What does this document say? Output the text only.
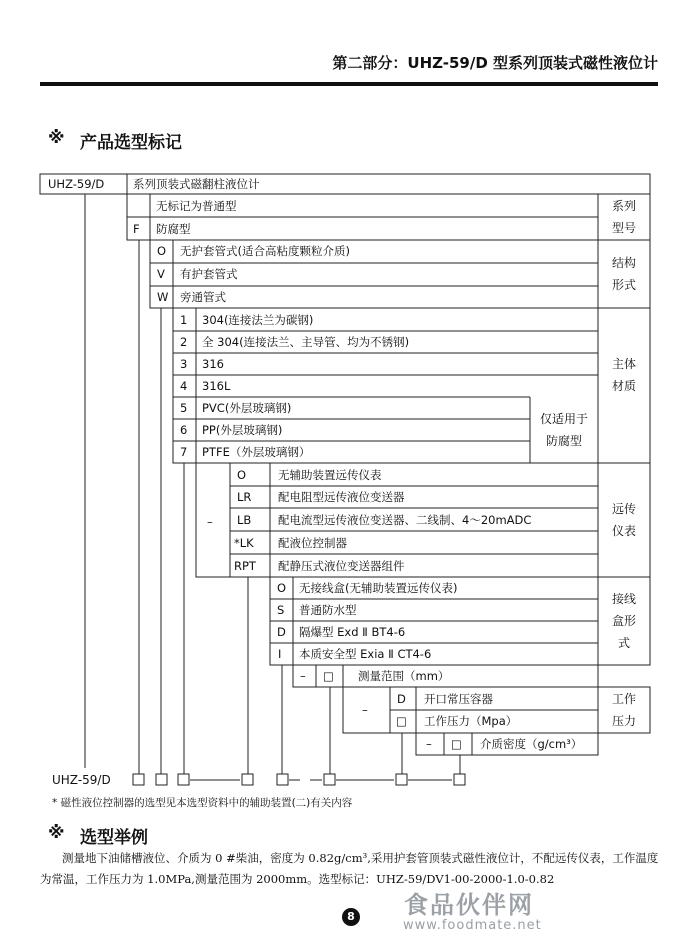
第二部分：UHZ-59/D 型系列顶装式磁性液位计
※ 产品选型标记
UHZ-59/D 系列顶装式磁翻柱液位计
无标记为普通型
F 防腐型
系列
型号
O 无护套管式(适合高粘度颗粒介质)
V 有护套管式
W 旁通管式
结构
形式
1 304(连接法兰为碳钢)
2 全 304(连接法兰、主导管、均为不锈钢)
3 316
4 316L
5 PVC(外层玻璃钢)
6 PP(外层玻璃钢)
7 PTFE（外层玻璃钢）
仅适用于
防腐型
主体
材质
–
O	无辅助装置远传仪表
LR 配电阻型远传液位变送器
LB 配电流型远传液位变送器、二线制、4～20mADC
*LK 配液位控制器
RPT 配静压式液位变送器组件
远传
仪表
O 无接线盒(无辅助装置远传仪表)
S 普通防水型
D 隔爆型 Exd Ⅱ BT4-6
I 本质安全型 Exia Ⅱ CT4-6
接线
盒形
式
– □ 测量范围（mm）
–
D 开口常压容器
□ 工作压力（Mpa）
工作
压力
– □ 介质密度（g/cm³）
UHZ-59/D
* 磁性液位控制器的选型见本选型资料中的辅助装置(二)有关内容
※ 选型举例
测量地下油储槽液位、介质为 0 #柴油，密度为 0.82g/cm³,采用护套管顶装式磁性液位计，不配远传仪表，工作温度为常温，工作压力为 1.0MPa,测量范围为 2000mm。选型标记：UHZ-59/DV1-00-2000-1.0-0.82
8 食品伙伴网
www.foodmate.net
